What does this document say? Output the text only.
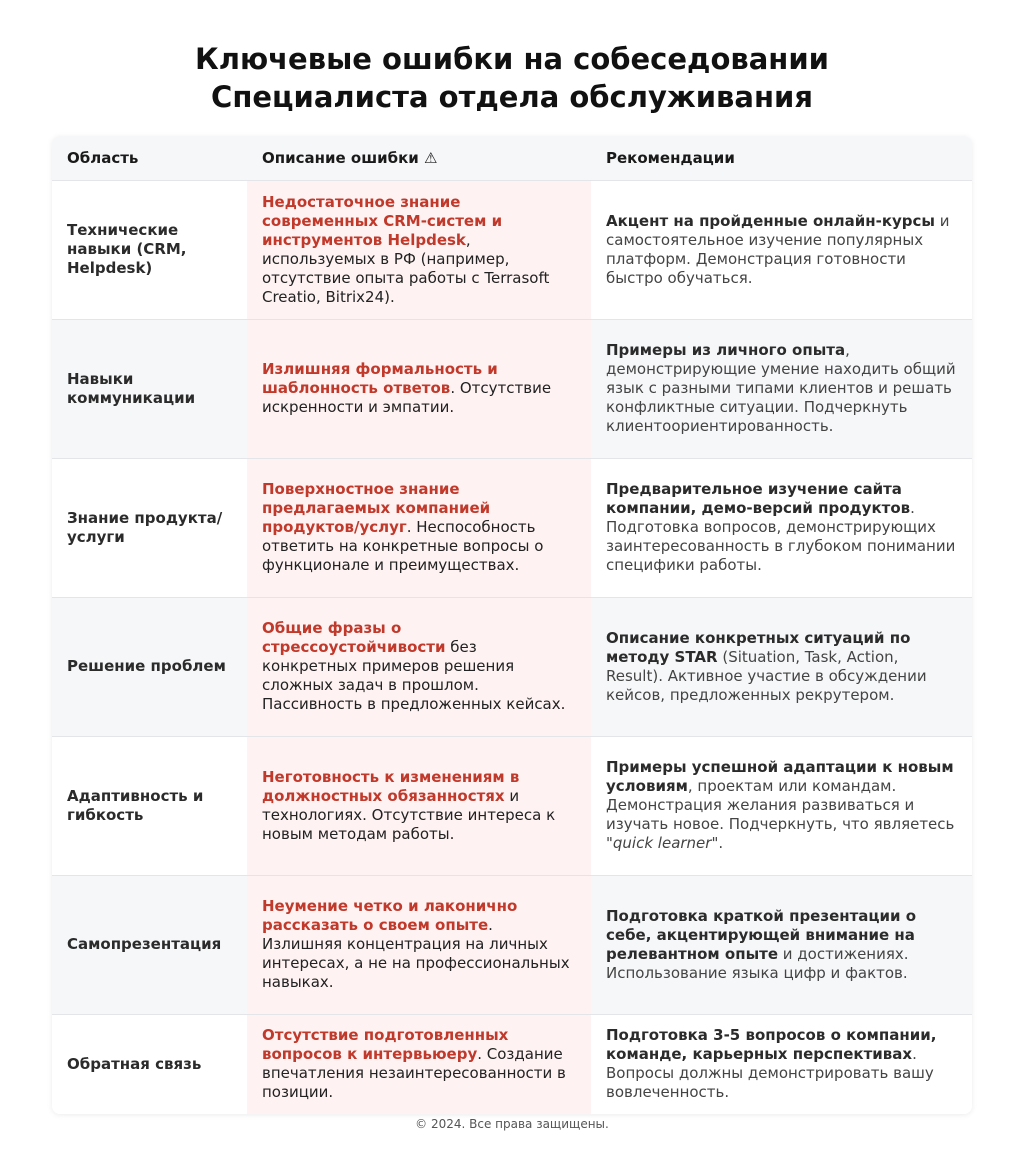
Ключевые ошибки на собеседовании
Специалиста отдела обслуживания
Область	Описание ошибки ⚠	Рекомендации
Технические навыки (CRM, Helpdesk)	Недостаточное знание современных CRM-систем и инструментов Helpdesk, используемых в РФ (например, отсутствие опыта работы с Terrasoft Creatio, Bitrix24).	Акцент на пройденные онлайн-курсы и самостоятельное изучение популярных платформ. Демонстрация готовности быстро обучаться.
Навыки коммуникации	Излишняя формальность и шаблонность ответов. Отсутствие искренности и эмпатии.	Примеры из личного опыта, демонстрирующие умение находить общий язык с разными типами клиентов и решать конфликтные ситуации. Подчеркнуть клиентоориентированность.
Знание продукта/услуги	Поверхностное знание предлагаемых компанией продуктов/услуг. Неспособность ответить на конкретные вопросы о функционале и преимуществах.	Предварительное изучение сайта компании, демо-версий продуктов. Подготовка вопросов, демонстрирующих заинтересованность в глубоком понимании специфики работы.
Решение проблем	Общие фразы о стрессоустойчивости без конкретных примеров решения сложных задач в прошлом. Пассивность в предложенных кейсах.	Описание конкретных ситуаций по методу STAR (Situation, Task, Action, Result). Активное участие в обсуждении кейсов, предложенных рекрутером.
Адаптивность и гибкость	Неготовность к изменениям в должностных обязанностях и технологиях. Отсутствие интереса к новым методам работы.	Примеры успешной адаптации к новым условиям, проектам или командам. Демонстрация желания развиваться и изучать новое. Подчеркнуть, что являетесь "quick learner".
Самопрезентация	Неумение четко и лаконично рассказать о своем опыте. Излишняя концентрация на личных интересах, а не на профессиональных навыках.	Подготовка краткой презентации о себе, акцентирующей внимание на релевантном опыте и достижениях. Использование языка цифр и фактов.
Обратная связь	Отсутствие подготовленных вопросов к интервьюеру. Создание впечатления незаинтересованности в позиции.	Подготовка 3-5 вопросов о компании, команде, карьерных перспективах. Вопросы должны демонстрировать вашу вовлеченность.
© 2024. Все права защищены.
